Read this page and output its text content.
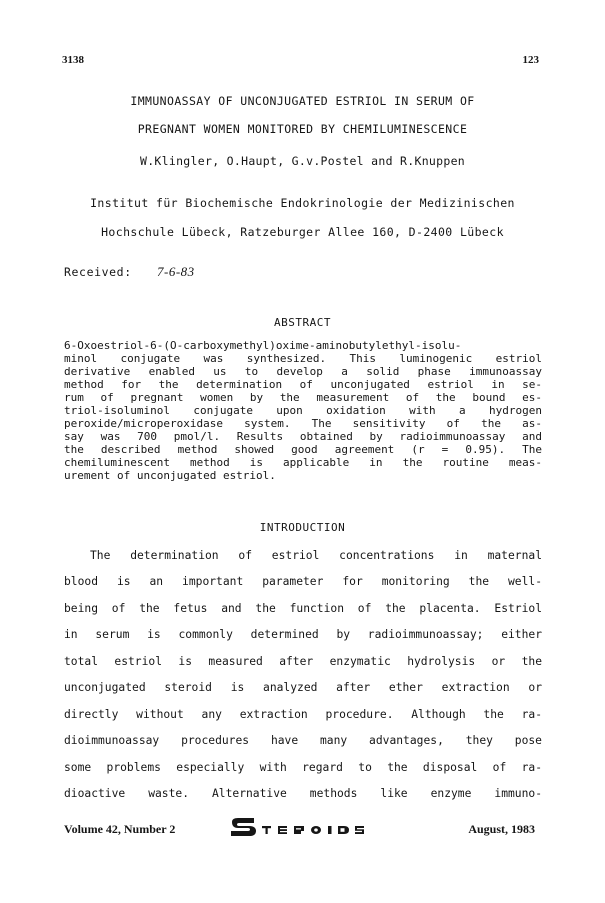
3138	123
IMMUNOASSAY OF UNCONJUGATED ESTRIOL IN SERUM OF
PREGNANT WOMEN MONITORED BY CHEMILUMINESCENCE
W.Klingler, O.Haupt, G.v.Postel and R.Knuppen
Institut für Biochemische Endokrinologie der Medizinischen
Hochschule Lübeck, Ratzeburger Allee 160, D-2400 Lübeck
Received: 7-6-83
ABSTRACT
6-Oxoestriol-6-(O-carboxymethyl)oxime-aminobutylethyl-isolu-
minol conjugate was synthesized. This luminogenic estriol
derivative enabled us to develop a solid phase immunoassay
method for the determination of unconjugated estriol in se-
rum of pregnant women by the measurement of the bound es-
triol-isoluminol conjugate upon oxidation with a hydrogen
peroxide/microperoxidase system. The sensitivity of the as-
say was 700 pmol/l. Results obtained by radioimmunoassay and
the described method showed good agreement (r = 0.95). The
chemiluminescent method is applicable in the routine meas-
urement of unconjugated estriol.
INTRODUCTION
The determination of estriol concentrations in maternal
blood is an important parameter for monitoring the well-
being of the fetus and the function of the placenta. Estriol
in serum is commonly determined by radioimmunoassay; either
total estriol is measured after enzymatic hydrolysis or the
unconjugated steroid is analyzed after ether extraction or
directly without any extraction procedure. Although the ra-
dioimmunoassay procedures have many advantages, they pose
some problems especially with regard to the disposal of ra-
dioactive waste. Alternative methods like enzyme immuno-
Volume 42, Number 2	August, 1983
